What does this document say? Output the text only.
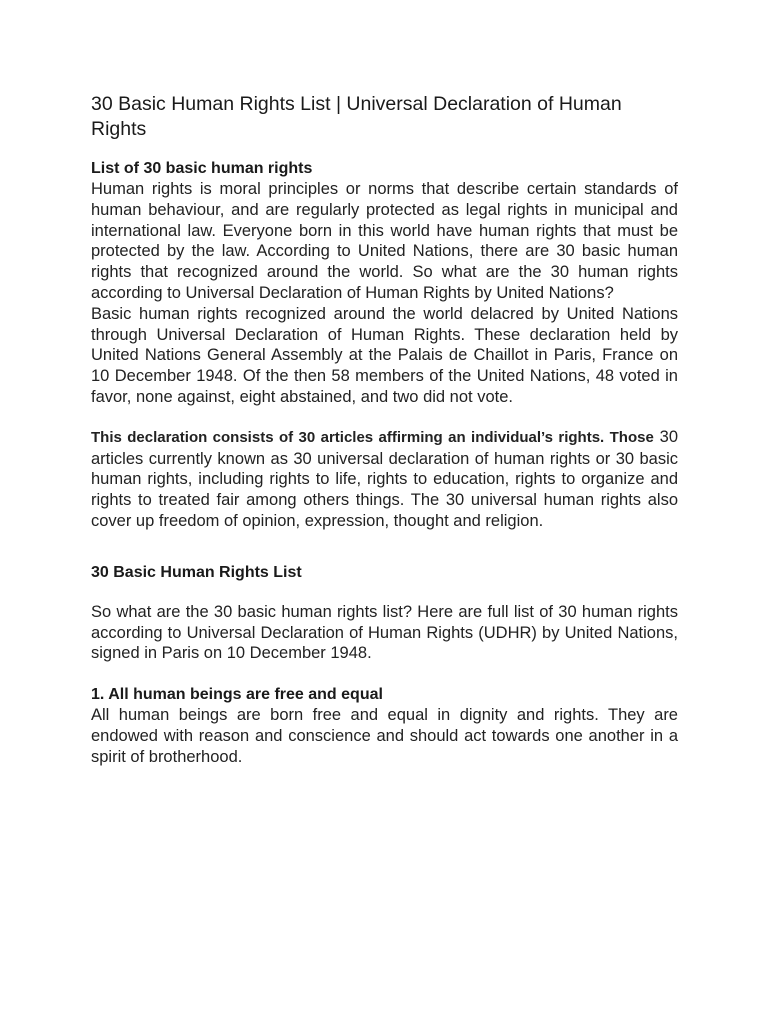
30 Basic Human Rights List | Universal Declaration of Human Rights

List of 30 basic human rights

Human rights is moral principles or norms that describe certain standards of human behaviour, and are regularly protected as legal rights in municipal and international law. Everyone born in this world have human rights that must be protected by the law. According to United Nations, there are 30 basic human rights that recognized around the world. So what are the 30 human rights according to Universal Declaration of Human Rights by United Nations?

Basic human rights recognized around the world delacred by United Nations through Universal Declaration of Human Rights. These declaration held by United Nations General Assembly at the Palais de Chaillot in Paris, France on 10 December 1948. Of the then 58 members of the United Nations, 48 voted in favor, none against, eight abstained, and two did not vote.

This declaration consists of 30 articles affirming an individual’s rights. Those 30 articles currently known as 30 universal declaration of human rights or 30 basic human rights, including rights to life, rights to education, rights to organize and rights to treated fair among others things. The 30 universal human rights also cover up freedom of opinion, expression, thought and religion.

30 Basic Human Rights List

So what are the 30 basic human rights list? Here are full list of 30 human rights according to Universal Declaration of Human Rights (UDHR) by United Nations, signed in Paris on 10 December 1948.

1. All human beings are free and equal

All human beings are born free and equal in dignity and rights. They are endowed with reason and conscience and should act towards one another in a spirit of brotherhood.
